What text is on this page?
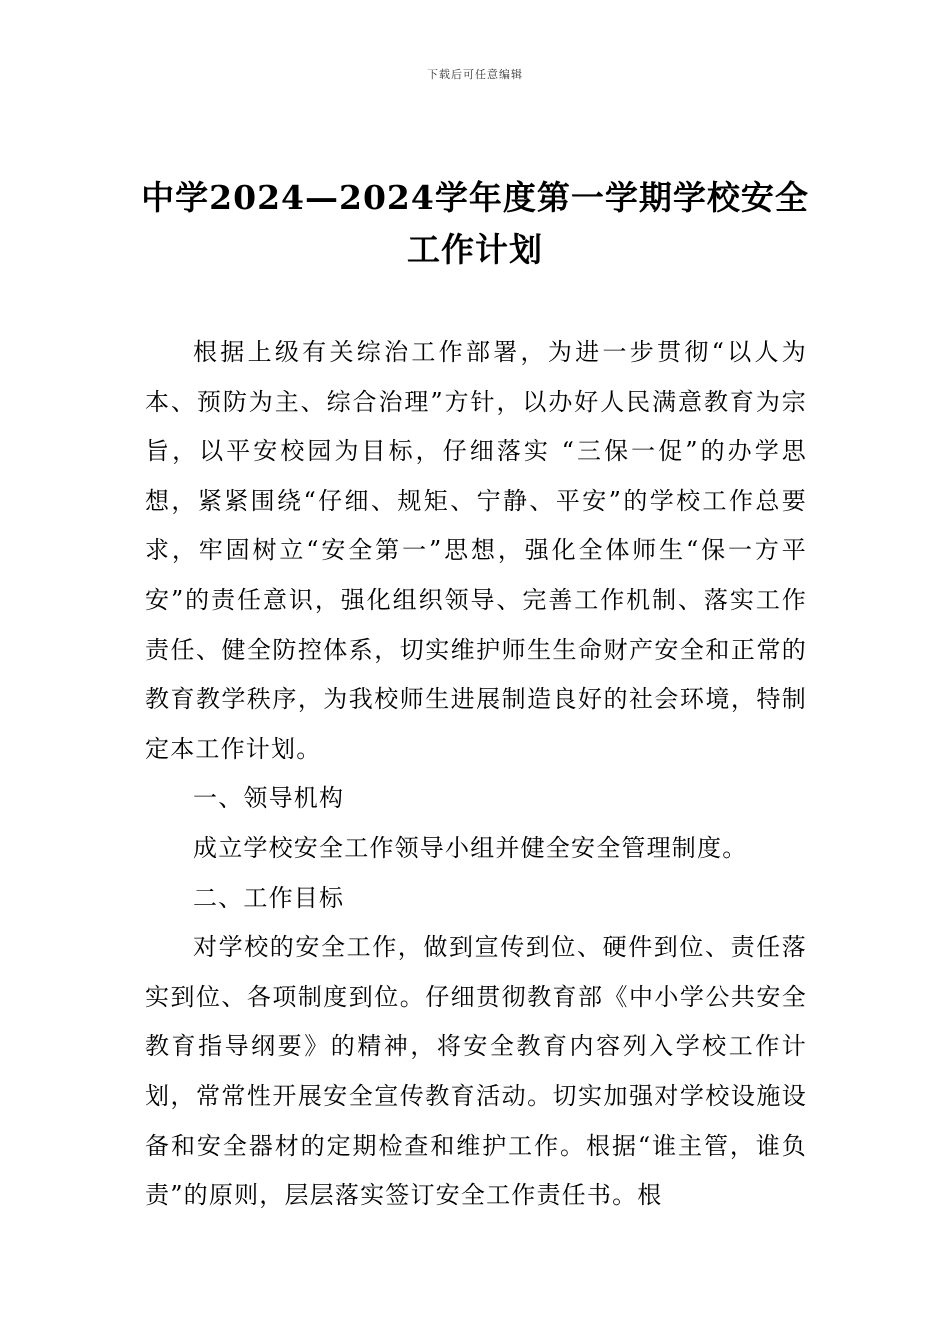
下载后可任意编辑
中学2024—2024学年度第一学期学校安全工作计划

根据上级有关综治工作部署，为进一步贯彻“以人为本、预防为主、综合治理”方针，以办好人民满意教育为宗旨，以平安校园为目标，仔细落实 “三保一促”的办学思想，紧紧围绕“仔细、规矩、宁静、平安”的学校工作总要求，牢固树立“安全第一”思想，强化全体师生“保一方平安”的责任意识，强化组织领导、完善工作机制、落实工作责任、健全防控体系，切实维护师生生命财产安全和正常的教育教学秩序，为我校师生进展制造良好的社会环境，特制定本工作计划。

一、领导机构

成立学校安全工作领导小组并健全安全管理制度。

二、工作目标

对学校的安全工作，做到宣传到位、硬件到位、责任落实到位、各项制度到位。仔细贯彻教育部《中小学公共安全教育指导纲要》的精神，将安全教育内容列入学校工作计划，常常性开展安全宣传教育活动。切实加强对学校设施设备和安全器材的定期检查和维护工作。根据“谁主管，谁负责”的原则，层层落实签订安全工作责任书。根
